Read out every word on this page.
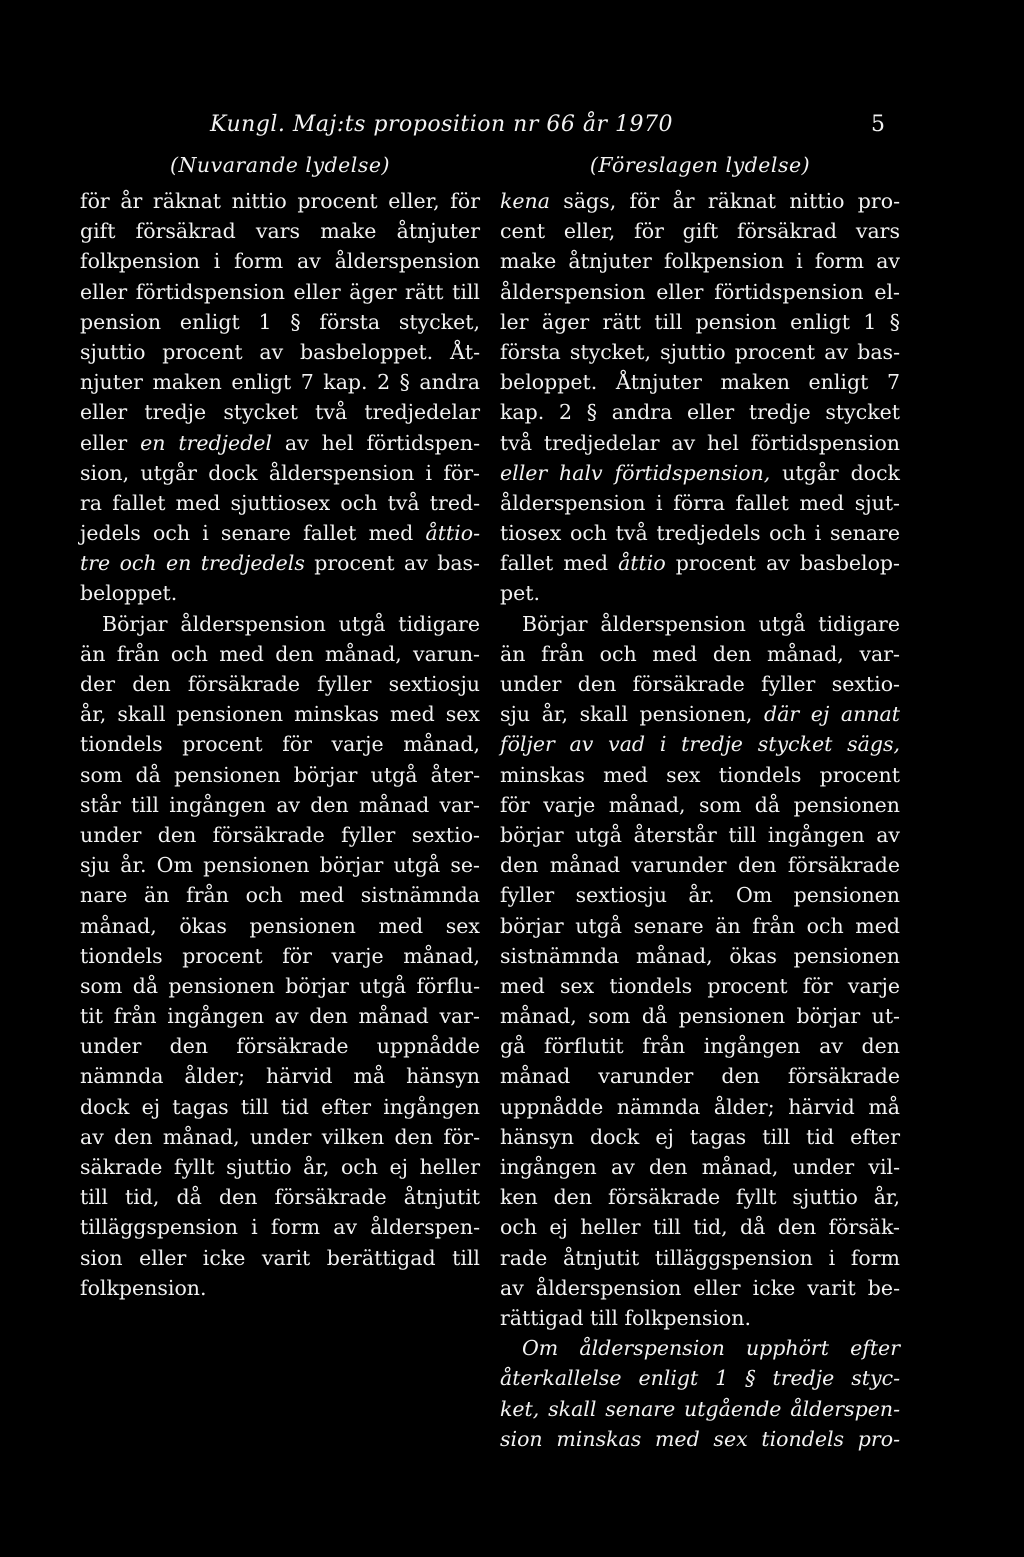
Kungl. Maj:ts proposition nr 66 år 1970	5
(Nuvarande lydelse)
för år räknat nittio procent eller, för
gift försäkrad vars make åtnjuter
folkpension i form av ålderspension
eller förtidspension eller äger rätt till
pension enligt 1 § första stycket,
sjuttio procent av basbeloppet. Åt-
njuter maken enligt 7 kap. 2 § andra
eller tredje stycket två tredjedelar
eller en tredjedel av hel förtidspen-
sion, utgår dock ålderspension i för-
ra fallet med sjuttiosex och två tred-
jedels och i senare fallet med åttio-
tre och en tredjedels procent av bas-
beloppet.
Börjar ålderspension utgå tidigare
än från och med den månad, varun-
der den försäkrade fyller sextiosju
år, skall pensionen minskas med sex
tiondels procent för varje månad,
som då pensionen börjar utgå åter-
står till ingången av den månad var-
under den försäkrade fyller sextio-
sju år. Om pensionen börjar utgå se-
nare än från och med sistnämnda
månad, ökas pensionen med sex
tiondels procent för varje månad,
som då pensionen börjar utgå förflu-
tit från ingången av den månad var-
under den försäkrade uppnådde
nämnda ålder; härvid må hänsyn
dock ej tagas till tid efter ingången
av den månad, under vilken den för-
säkrade fyllt sjuttio år, och ej heller
till tid, då den försäkrade åtnjutit
tilläggspension i form av ålderspen-
sion eller icke varit berättigad till
folkpension.
(Föreslagen lydelse)
kena sägs, för år räknat nittio pro-
cent eller, för gift försäkrad vars
make åtnjuter folkpension i form av
ålderspension eller förtidspension el-
ler äger rätt till pension enligt 1 §
första stycket, sjuttio procent av bas-
beloppet. Åtnjuter maken enligt 7
kap. 2 § andra eller tredje stycket
två tredjedelar av hel förtidspension
eller halv förtidspension, utgår dock
ålderspension i förra fallet med sjut-
tiosex och två tredjedels och i senare
fallet med åttio procent av basbelop-
pet.
Börjar ålderspension utgå tidigare
än från och med den månad, var-
under den försäkrade fyller sextio-
sju år, skall pensionen, där ej annat
följer av vad i tredje stycket sägs,
minskas med sex tiondels procent
för varje månad, som då pensionen
börjar utgå återstår till ingången av
den månad varunder den försäkrade
fyller sextiosju år. Om pensionen
börjar utgå senare än från och med
sistnämnda månad, ökas pensionen
med sex tiondels procent för varje
månad, som då pensionen börjar ut-
gå förflutit från ingången av den
månad varunder den försäkrade
uppnådde nämnda ålder; härvid må
hänsyn dock ej tagas till tid efter
ingången av den månad, under vil-
ken den försäkrade fyllt sjuttio år,
och ej heller till tid, då den försäk-
rade åtnjutit tilläggspension i form
av ålderspension eller icke varit be-
rättigad till folkpension.
Om ålderspension upphört efter
återkallelse enligt 1 § tredje styc-
ket, skall senare utgående ålderspen-
sion minskas med sex tiondels pro-
